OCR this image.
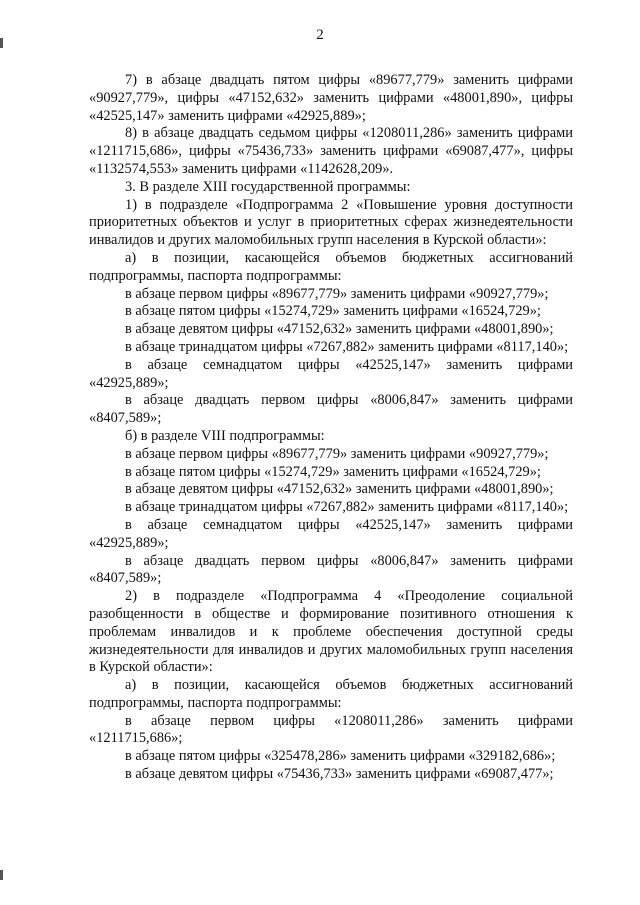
2

7) в абзаце двадцать пятом цифры «89677,779» заменить цифрами «90927,779», цифры «47152,632» заменить цифрами «48001,890», цифры «42525,147» заменить цифрами «42925,889»;

8) в абзаце двадцать седьмом цифры «1208011,286» заменить цифрами «1211715,686», цифры «75436,733» заменить цифрами «69087,477», цифры «1132574,553» заменить цифрами «1142628,209».

3. В разделе XIII государственной программы:

1) в подразделе «Подпрограмма 2 «Повышение уровня доступности приоритетных объектов и услуг в приоритетных сферах жизнедеятельности инвалидов и других маломобильных групп населения в Курской области»:

а) в позиции, касающейся объемов бюджетных ассигнований подпрограммы, паспорта подпрограммы:

в абзаце первом цифры «89677,779» заменить цифрами «90927,779»;

в абзаце пятом цифры «15274,729» заменить цифрами «16524,729»;

в абзаце девятом цифры «47152,632» заменить цифрами «48001,890»;

в абзаце тринадцатом цифры «7267,882» заменить цифрами «8117,140»;

в абзаце семнадцатом цифры «42525,147» заменить цифрами «42925,889»;

в абзаце двадцать первом цифры «8006,847» заменить цифрами «8407,589»;

б) в разделе VIII подпрограммы:

в абзаце первом цифры «89677,779» заменить цифрами «90927,779»;

в абзаце пятом цифры «15274,729» заменить цифрами «16524,729»;

в абзаце девятом цифры «47152,632» заменить цифрами «48001,890»;

в абзаце тринадцатом цифры «7267,882» заменить цифрами «8117,140»;

в абзаце семнадцатом цифры «42525,147» заменить цифрами «42925,889»;

в абзаце двадцать первом цифры «8006,847» заменить цифрами «8407,589»;

2) в подразделе «Подпрограмма 4 «Преодоление социальной разобщенности в обществе и формирование позитивного отношения к проблемам инвалидов и к проблеме обеспечения доступной среды жизнедеятельности для инвалидов и других маломобильных групп населения в Курской области»:

а) в позиции, касающейся объемов бюджетных ассигнований подпрограммы, паспорта подпрограммы:

в абзаце первом цифры «1208011,286» заменить цифрами «1211715,686»;

в абзаце пятом цифры «325478,286» заменить цифрами «329182,686»;

в абзаце девятом цифры «75436,733» заменить цифрами «69087,477»;
